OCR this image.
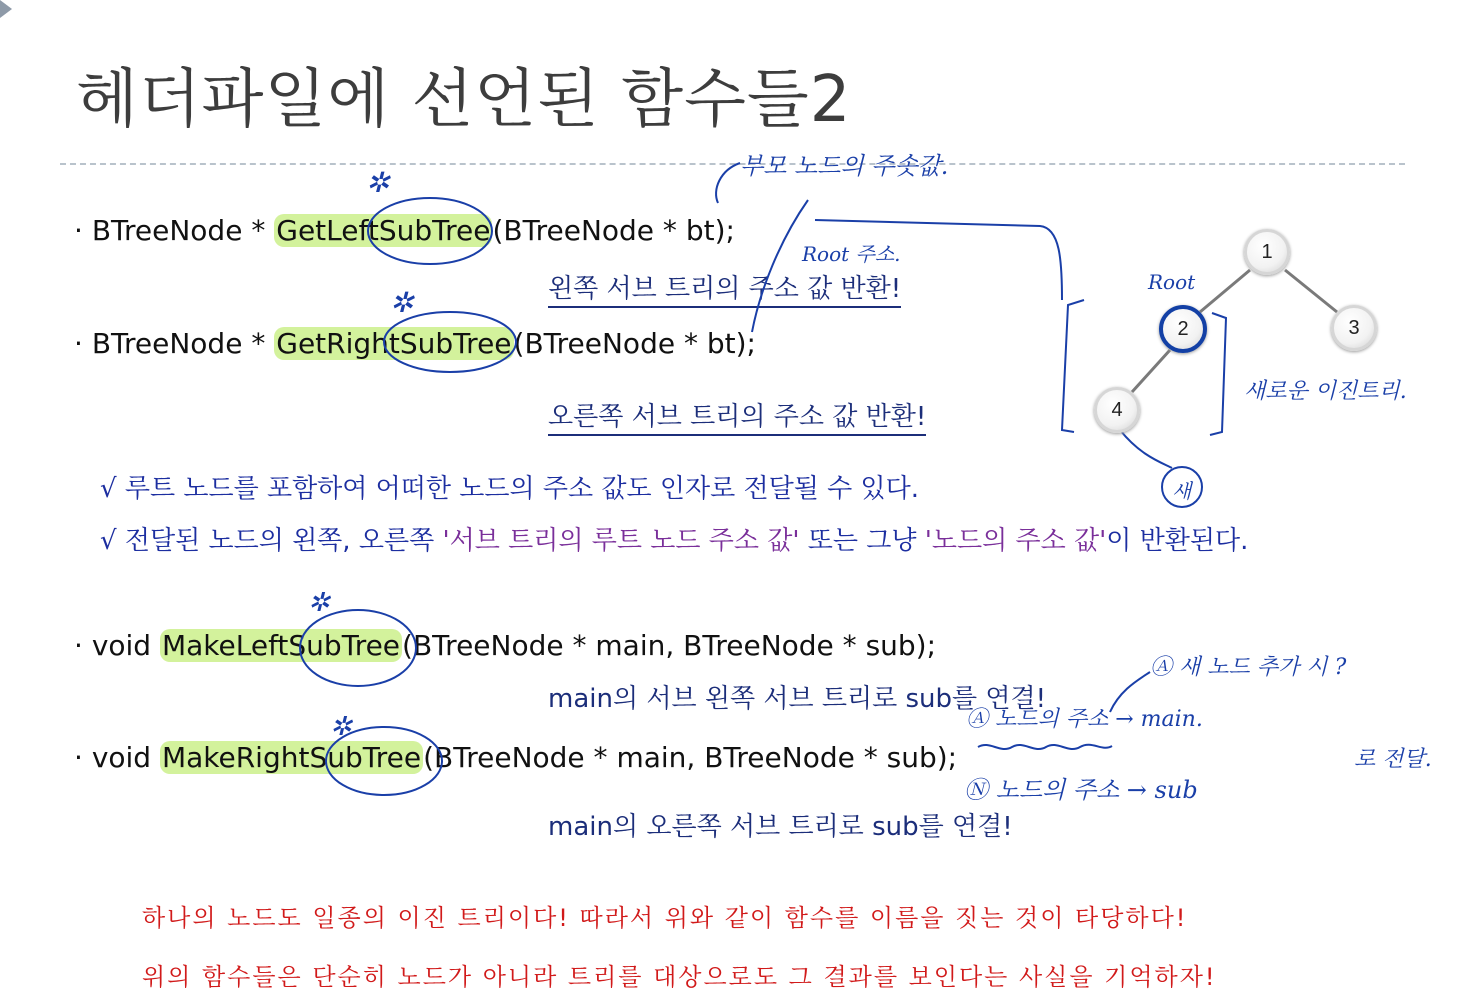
헤더파일에 선언된 함수들2
· BTreeNode * GetLeftSubTree(BTreeNode * bt);
왼쪽 서브 트리의 주소 값 반환!
· BTreeNode * GetRightSubTree(BTreeNode * bt);
오른쪽 서브 트리의 주소 값 반환!
√ 루트 노드를 포함하여 어떠한 노드의 주소 값도 인자로 전달될 수 있다.
√ 전달된 노드의 왼쪽, 오른쪽 '서브 트리의 루트 노드 주소 값' 또는 그냥 '노드의 주소 값'이 반환된다.
· void MakeLeftSubTree(BTreeNode * main, BTreeNode * sub);
main의 서브 왼쪽 서브 트리로 sub를 연결!
· void MakeRightSubTree(BTreeNode * main, BTreeNode * sub);
main의 오른쪽 서브 트리로 sub를 연결!
하나의 노드도 일종의 이진 트리이다! 따라서 위와 같이 함수를 이름을 짓는 것이 타당하다!
위의 함수들은 단순히 노드가 아니라 트리를 대상으로도 그 결과를 보인다는 사실을 기억하자!
1
2	3
4
✲
✲
✲
✲
부모 노드의 주솟값.
Root 주소.
Root
새로운 이진트리.
새
Ⓐ 새 노드 추가 시 ?
Ⓐ 노드의 주소 → main.
Ⓝ 노드의 주소 → sub
로 전달.
